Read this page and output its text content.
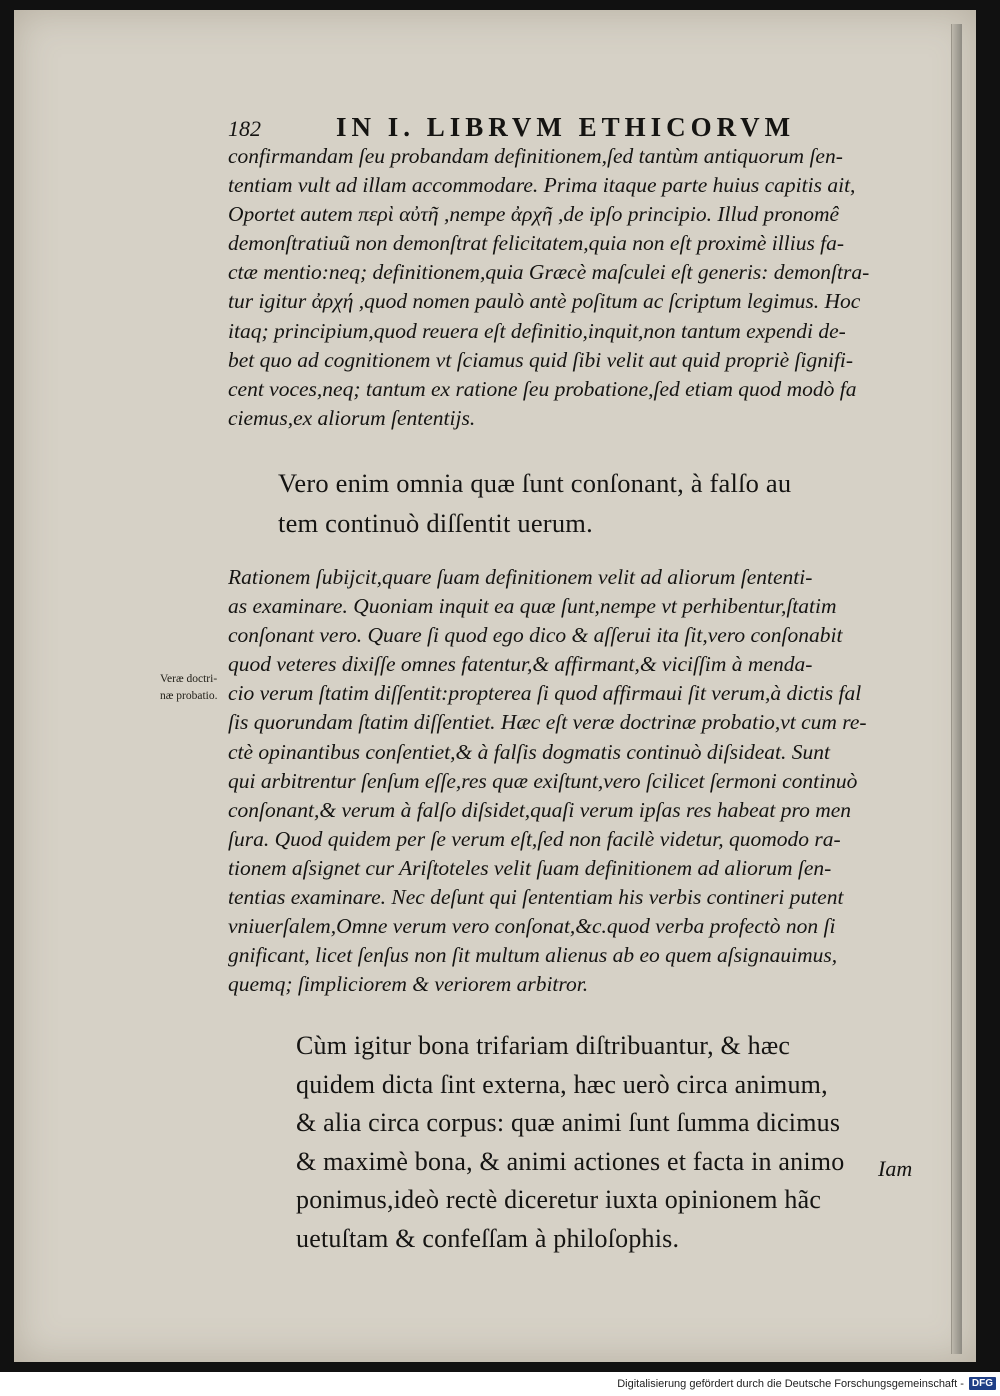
Veræ doctri-
næ probatio.
182	IN I. LIBRVM ETHICORVM

confirmandam ſeu probandam definitionem,ſed tantùm antiquorum ſen-
tentiam vult ad illam accommodare. Prima itaque parte huius capitis ait,
Oportet autem περὶ αὐτῆ ,nempe ἀρχῆ ,de ipſo principio. Illud pronomê
demonſtratiuũ non demonſtrat felicitatem,quia non eſt proximè illius fa-
ctæ mentio:neq; definitionem,quia Græcè maſculei eſt generis: demonſtra-
tur igitur ἀρχή ,quod nomen paulò antè poſitum ac ſcriptum legimus. Hoc
itaq; principium,quod reuera eſt definitio,inquit,non tantum expendi de-
bet quo ad cognitionem vt ſciamus quid ſibi velit aut quid propriè ſignifi-
cent voces,neq; tantum ex ratione ſeu probatione,ſed etiam quod modò fa
ciemus,ex aliorum ſententijs.

Vero enim omnia quæ ſunt conſonant, à falſo au
tem continuò diſſentit uerum.

Rationem ſubijcit,quare ſuam definitionem velit ad aliorum ſententi-
as examinare. Quoniam inquit ea quæ ſunt,nempe vt perhibentur,ſtatim
conſonant vero. Quare ſi quod ego dico & aſſerui ita ſit,vero conſonabit
quod veteres dixiſſe omnes fatentur,& affirmant,& viciſſim à menda-
cio verum ſtatim diſſentit:propterea ſi quod affirmaui ſit verum,à dictis fal
ſis quorundam ſtatim diſſentiet. Hæc eſt veræ doctrinæ probatio,vt cum re-
ctè opinantibus conſentiet,& à falſis dogmatis continuò diſsideat. Sunt
qui arbitrentur ſenſum eſſe,res quæ exiſtunt,vero ſcilicet ſermoni continuò
conſonant,& verum à falſo diſsidet,quaſi verum ipſas res habeat pro men
ſura. Quod quidem per ſe verum eſt,ſed non facilè videtur, quomodo ra-
tionem aſsignet cur Ariſtoteles velit ſuam definitionem ad aliorum ſen-
tentias examinare. Nec deſunt qui ſententiam his verbis contineri putent
vniuerſalem,Omne verum vero conſonat,&c.quod verba profectò non ſi
gnificant, licet ſenſus non ſit multum alienus ab eo quem aſsignauimus,
quemq; ſimpliciorem & veriorem arbitror.

Cùm igitur bona trifariam diſtribuantur, & hæc
quidem dicta ſint externa, hæc uerò circa animum,
& alia circa corpus: quæ animi ſunt ſumma dicimus
& maximè bona, & animi actiones et facta in animo
ponimus,ideò rectè diceretur iuxta opinionem hãc
uetuſtam & confeſſam à philoſophis.

Iam
Digitalisierung gefördert durch die Deutsche Forschungsgemeinschaft - DFG
